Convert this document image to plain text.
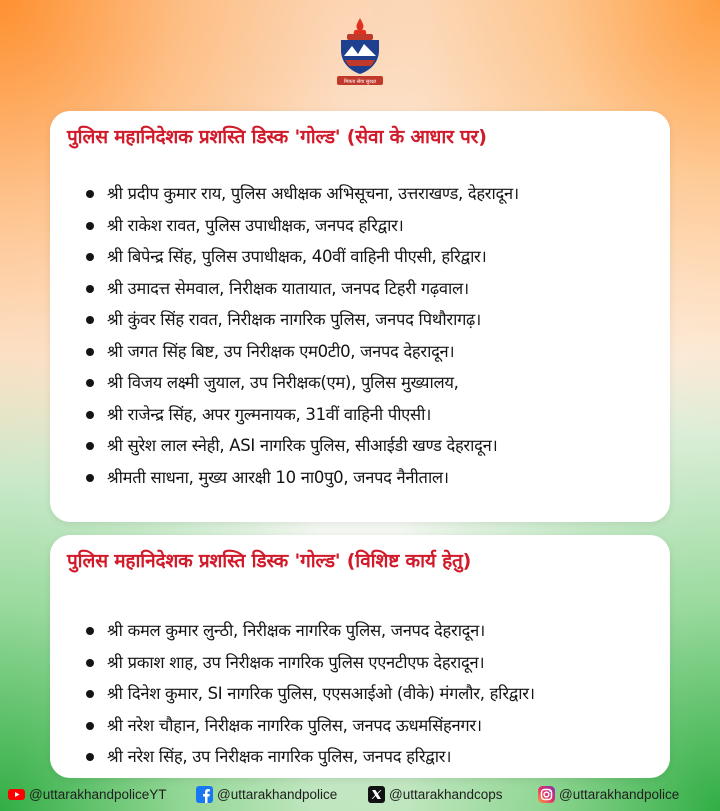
मित्रता सेवा सुरक्षा
पुलिस महानिदेशक प्रशस्ति डिस्क 'गोल्ड' (सेवा के आधार पर)
श्री प्रदीप कुमार राय, पुलिस अधीक्षक अभिसूचना, उत्तराखण्ड, देहरादून।
श्री राकेश रावत, पुलिस उपाधीक्षक, जनपद हरिद्वार।
श्री बिपेन्द्र सिंह, पुलिस उपाधीक्षक, 40वीं वाहिनी पीएसी, हरिद्वार।
श्री उमादत्त सेमवाल, निरीक्षक यातायात, जनपद टिहरी गढ़वाल।
श्री कुंवर सिंह रावत, निरीक्षक नागरिक पुलिस, जनपद पिथौरागढ़।
श्री जगत सिंह बिष्ट, उप निरीक्षक एम0टी0, जनपद देहरादून।
श्री विजय लक्ष्मी जुयाल, उप निरीक्षक(एम), पुलिस मुख्यालय,
श्री राजेन्द्र सिंह, अपर गुल्मनायक, 31वीं वाहिनी पीएसी।
श्री सुरेश लाल स्नेही, ASI नागरिक पुलिस, सीआईडी खण्ड देहरादून।
श्रीमती साधना, मुख्य आरक्षी 10 ना0पु0, जनपद नैनीताल।
पुलिस महानिदेशक प्रशस्ति डिस्क 'गोल्ड' (विशिष्ट कार्य हेतु)
श्री कमल कुमार लुन्ठी, निरीक्षक नागरिक पुलिस, जनपद देहरादून।
श्री प्रकाश शाह, उप निरीक्षक नागरिक पुलिस एएनटीएफ देहरादून।
श्री दिनेश कुमार, SI नागरिक पुलिस, एएसआईओ (वीके) मंगलौर, हरिद्वार।
श्री नरेश चौहान, निरीक्षक नागरिक पुलिस, जनपद ऊधमसिंहनगर।
श्री नरेश सिंह, उप निरीक्षक नागरिक पुलिस, जनपद हरिद्वार।
@uttarakhandpoliceYT	@uttarakhandpolice	@uttarakhandcops	@uttarakhandpolice
